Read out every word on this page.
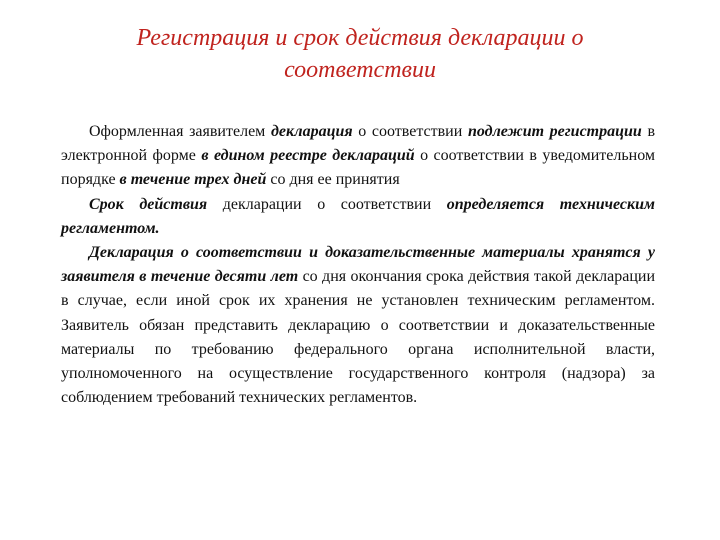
Регистрация и срок действия декларации о соответствии

Оформленная заявителем декларация о соответствии подлежит регистрации в электронной форме в едином реестре деклараций о соответствии в уведомительном порядке в течение трех дней со дня ее принятия

Срок действия декларации о соответствии определяется техническим регламентом.

Декларация о соответствии и доказательственные материалы хранятся у заявителя в течение десяти лет со дня окончания срока действия такой декларации в случае, если иной срок их хранения не установлен техническим регламентом. Заявитель обязан представить декларацию о соответствии и доказательственные материалы по требованию федерального органа исполнительной власти, уполномоченного на осуществление государственного контроля (надзора) за соблюдением требований технических регламентов.
